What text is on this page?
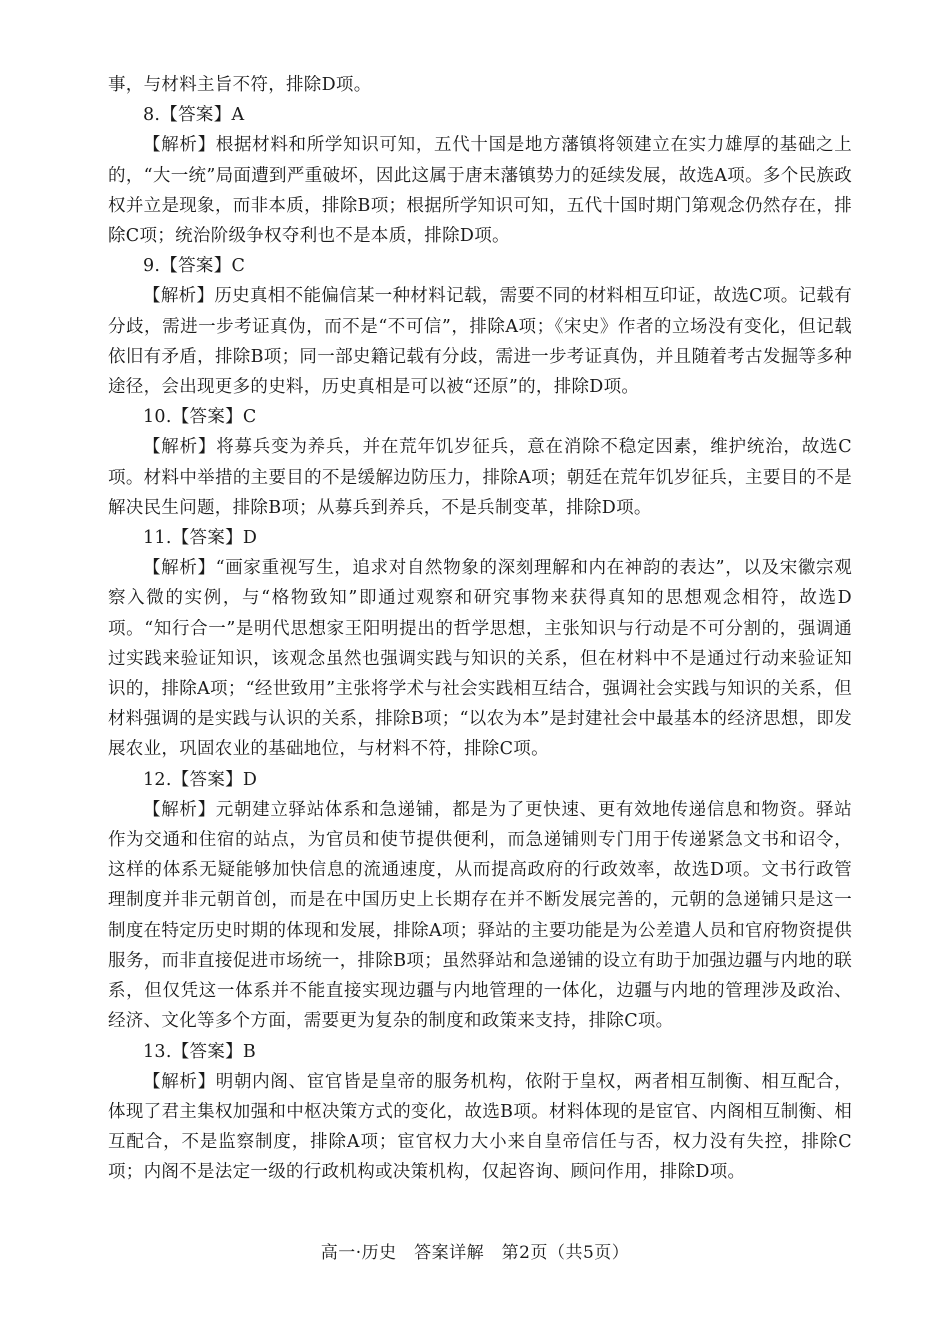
事，与材料主旨不符，排除D项。

8.【答案】A

【解析】根据材料和所学知识可知，五代十国是地方藩镇将领建立在实力雄厚的基础之上的，“大一统”局面遭到严重破坏，因此这属于唐末藩镇势力的延续发展，故选A项。多个民族政权并立是现象，而非本质，排除B项；根据所学知识可知，五代十国时期门第观念仍然存在，排除C项；统治阶级争权夺利也不是本质，排除D项。

9.【答案】C

【解析】历史真相不能偏信某一种材料记载，需要不同的材料相互印证，故选C项。记载有分歧，需进一步考证真伪，而不是“不可信”，排除A项；《宋史》作者的立场没有变化，但记载依旧有矛盾，排除B项；同一部史籍记载有分歧，需进一步考证真伪，并且随着考古发掘等多种途径，会出现更多的史料，历史真相是可以被“还原”的，排除D项。

10.【答案】C

【解析】将募兵变为养兵，并在荒年饥岁征兵，意在消除不稳定因素，维护统治，故选C项。材料中举措的主要目的不是缓解边防压力，排除A项；朝廷在荒年饥岁征兵，主要目的不是解决民生问题，排除B项；从募兵到养兵，不是兵制变革，排除D项。

11.【答案】D

【解析】“画家重视写生，追求对自然物象的深刻理解和内在神韵的表达”，以及宋徽宗观察入微的实例，与“格物致知”即通过观察和研究事物来获得真知的思想观念相符，故选D项。“知行合一”是明代思想家王阳明提出的哲学思想，主张知识与行动是不可分割的，强调通过实践来验证知识，该观念虽然也强调实践与知识的关系，但在材料中不是通过行动来验证知识的，排除A项；“经世致用”主张将学术与社会实践相互结合，强调社会实践与知识的关系，但材料强调的是实践与认识的关系，排除B项；“以农为本”是封建社会中最基本的经济思想，即发展农业，巩固农业的基础地位，与材料不符，排除C项。

12.【答案】D

【解析】元朝建立驿站体系和急递铺，都是为了更快速、更有效地传递信息和物资。驿站作为交通和住宿的站点，为官员和使节提供便利，而急递铺则专门用于传递紧急文书和诏令，这样的体系无疑能够加快信息的流通速度，从而提高政府的行政效率，故选D项。文书行政管理制度并非元朝首创，而是在中国历史上长期存在并不断发展完善的，元朝的急递铺只是这一制度在特定历史时期的体现和发展，排除A项；驿站的主要功能是为公差遣人员和官府物资提供服务，而非直接促进市场统一，排除B项；虽然驿站和急递铺的设立有助于加强边疆与内地的联系，但仅凭这一体系并不能直接实现边疆与内地管理的一体化，边疆与内地的管理涉及政治、经济、文化等多个方面，需要更为复杂的制度和政策来支持，排除C项。

13.【答案】B

【解析】明朝内阁、宦官皆是皇帝的服务机构，依附于皇权，两者相互制衡、相互配合，体现了君主集权加强和中枢决策方式的变化，故选B项。材料体现的是宦官、内阁相互制衡、相互配合，不是监察制度，排除A项；宦官权力大小来自皇帝信任与否，权力没有失控，排除C项；内阁不是法定一级的行政机构或决策机构，仅起咨询、顾问作用，排除D项。

高一·历史　答案详解　第2页（共5页）
